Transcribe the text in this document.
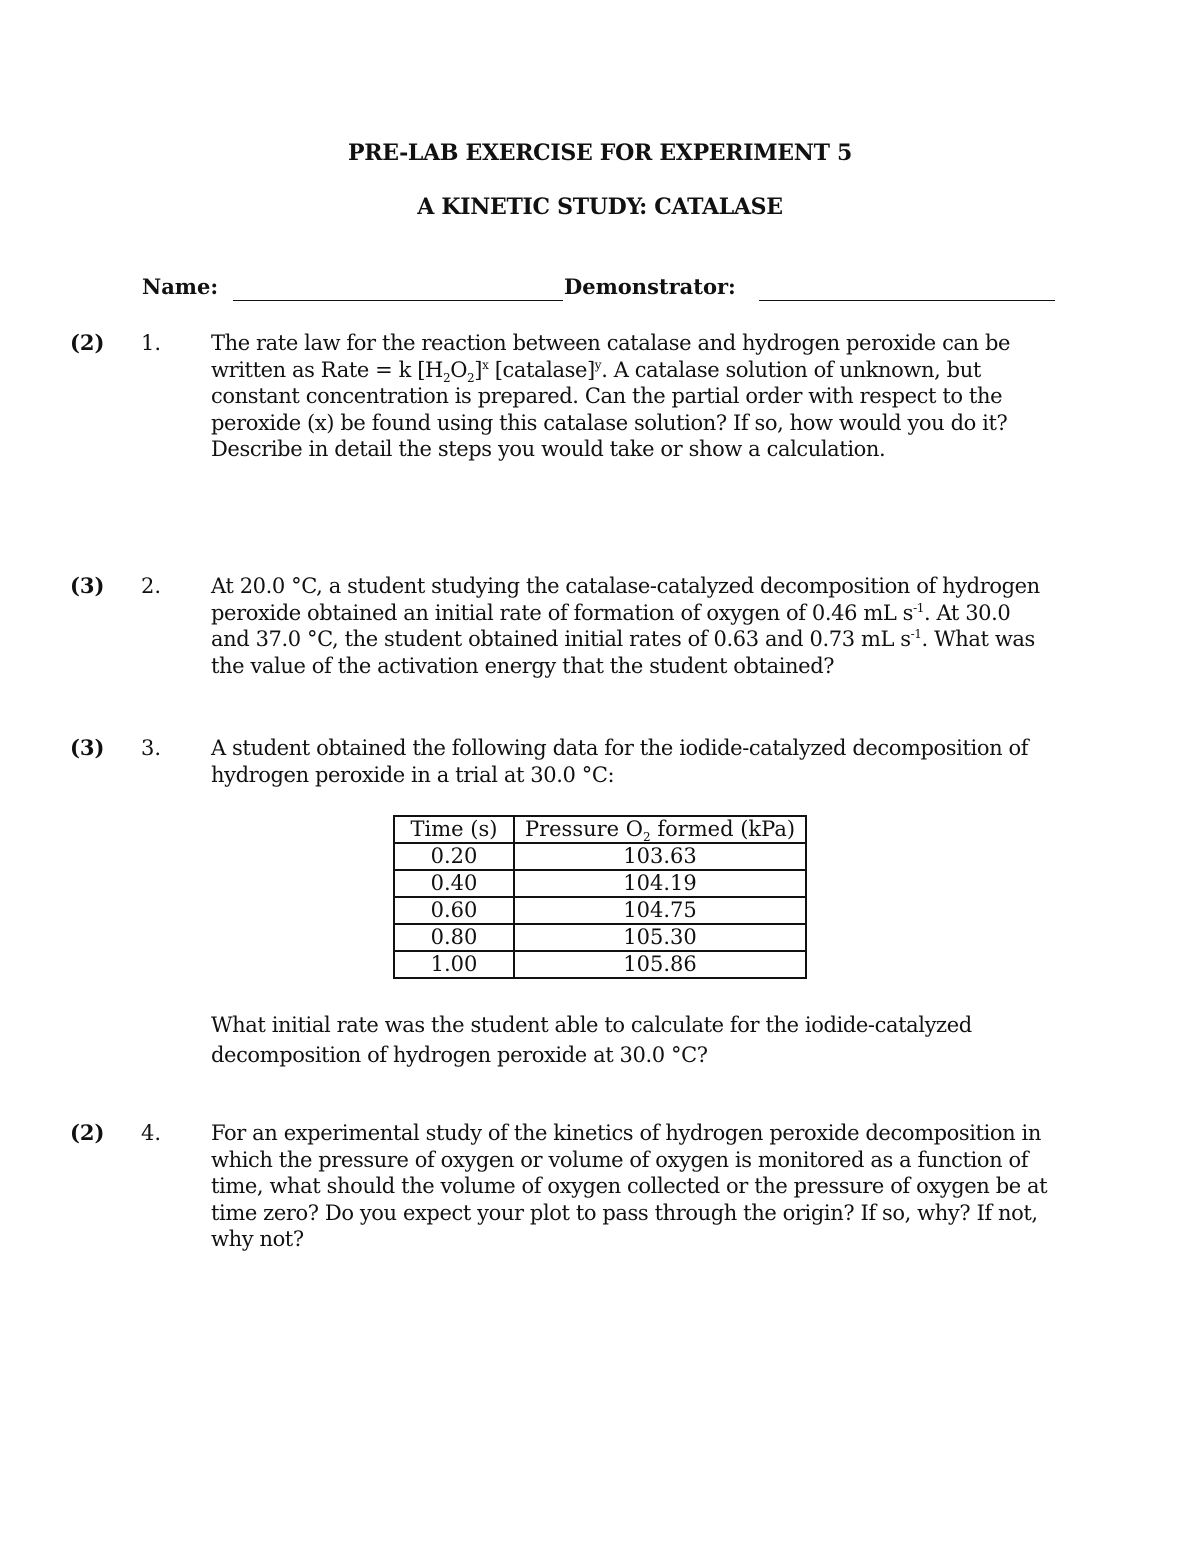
PRE-LAB EXERCISE FOR EXPERIMENT 5
A KINETIC STUDY: CATALASE
Name:	Demonstrator:
(2) 1. The rate law for the reaction between catalase and hydrogen peroxide can be
written as Rate = k $[H_2O_2]^x$ [catalase]$^y$. A catalase solution of unknown, but
constant concentration is prepared. Can the partial order with respect to the
peroxide (x) be found using this catalase solution? If so, how would you do it?
Describe in detail the steps you would take or show a calculation.
(3) 2. At 20.0 °C, a student studying the catalase-catalyzed decomposition of hydrogen
peroxide obtained an initial rate of formation of oxygen of 0.46 mL $s^{-1}$. At 30.0
and 37.0 °C, the student obtained initial rates of 0.63 and 0.73 mL $s^{-1}$. What was
the value of the activation energy that the student obtained?
(3) 3. A student obtained the following data for the iodide-catalyzed decomposition of
hydrogen peroxide in a trial at 30.0 °C:
Time (s)	Pressure $O_2$ formed (kPa)
0.20	103.63
0.40	104.19
0.60	104.75
0.80	105.30
1.00	105.86
What initial rate was the student able to calculate for the iodide-catalyzed
decomposition of hydrogen peroxide at 30.0 °C?
(2) 4. For an experimental study of the kinetics of hydrogen peroxide decomposition in
which the pressure of oxygen or volume of oxygen is monitored as a function of
time, what should the volume of oxygen collected or the pressure of oxygen be at
time zero? Do you expect your plot to pass through the origin? If so, why? If not,
why not?
